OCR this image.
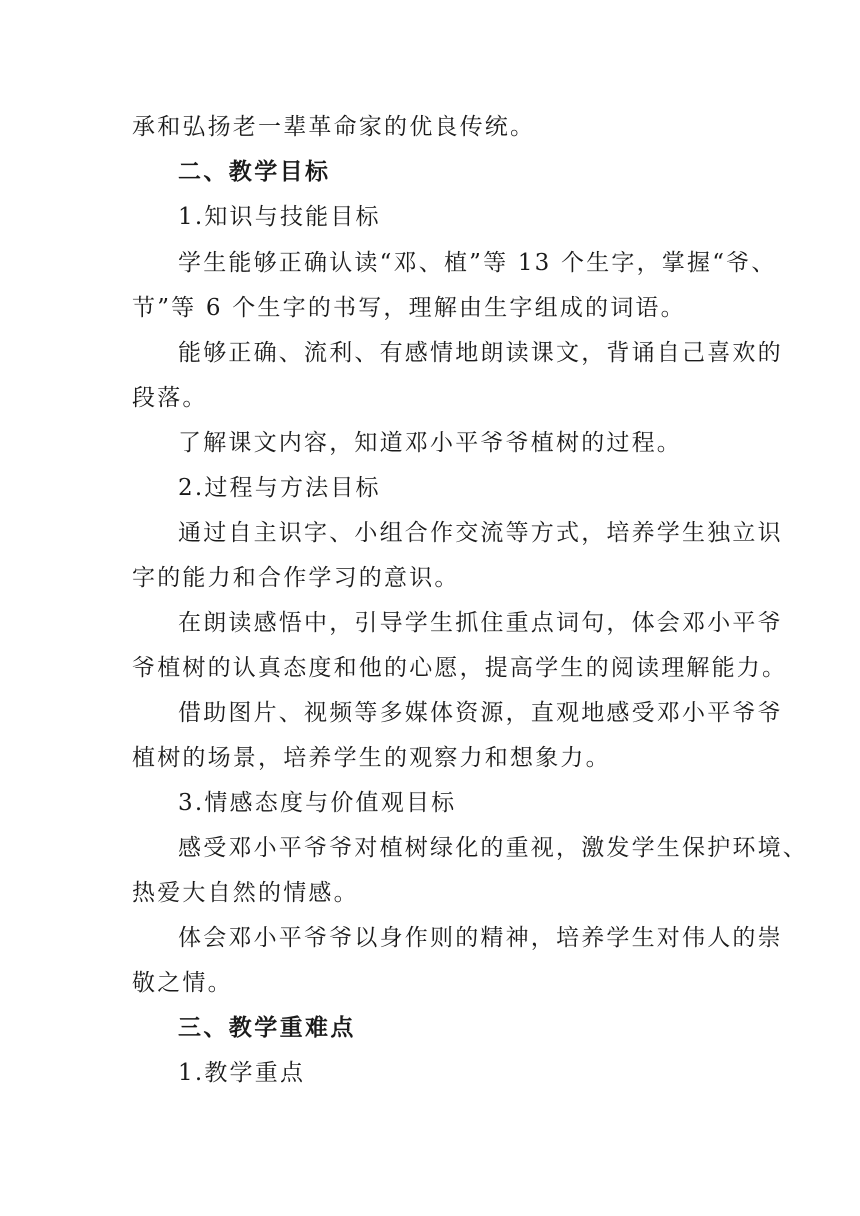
承和弘扬老一辈革命家的优良传统。
二、教学目标
1.知识与技能目标
学生能够正确认读“邓、植”等 13 个生字，掌握“爷、
节”等 6 个生字的书写，理解由生字组成的词语。
能够正确、流利、有感情地朗读课文，背诵自己喜欢的
段落。
了解课文内容，知道邓小平爷爷植树的过程。
2.过程与方法目标
通过自主识字、小组合作交流等方式，培养学生独立识
字的能力和合作学习的意识。
在朗读感悟中，引导学生抓住重点词句，体会邓小平爷
爷植树的认真态度和他的心愿，提高学生的阅读理解能力。
借助图片、视频等多媒体资源，直观地感受邓小平爷爷
植树的场景，培养学生的观察力和想象力。
3.情感态度与价值观目标
感受邓小平爷爷对植树绿化的重视，激发学生保护环境、
热爱大自然的情感。
体会邓小平爷爷以身作则的精神，培养学生对伟人的崇
敬之情。
三、教学重难点
1.教学重点
